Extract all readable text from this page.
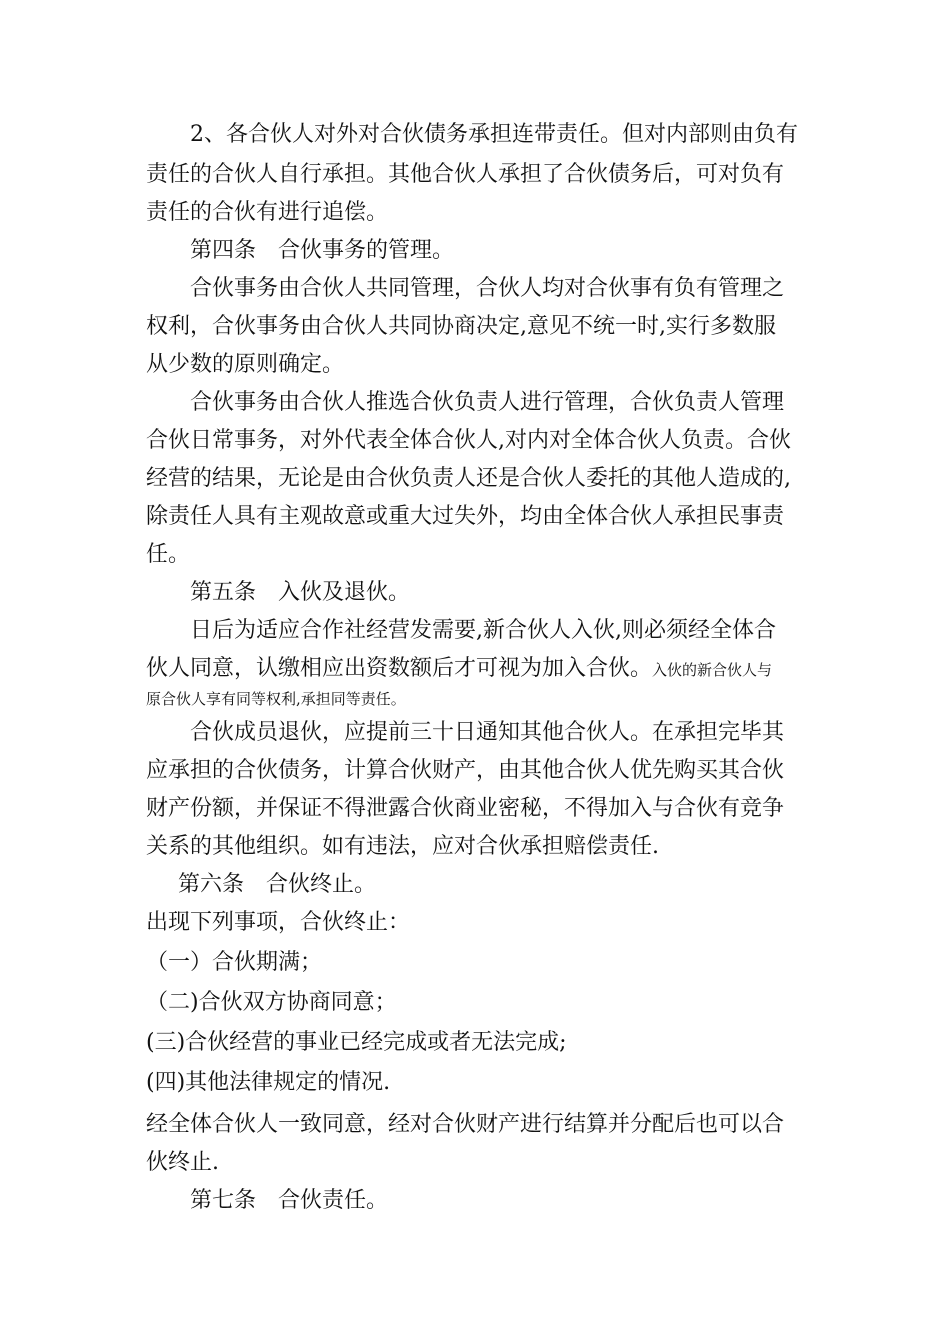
2、各合伙人对外对合伙债务承担连带责任。但对内部则由负有
责任的合伙人自行承担。其他合伙人承担了合伙债务后，可对负有
责任的合伙有进行追偿。
第四条　合伙事务的管理。
合伙事务由合伙人共同管理，合伙人均对合伙事有负有管理之
权利，合伙事务由合伙人共同协商决定,意见不统一时,实行多数服
从少数的原则确定。
合伙事务由合伙人推选合伙负责人进行管理，合伙负责人管理
合伙日常事务，对外代表全体合伙人,对内对全体合伙人负责。合伙
经营的结果，无论是由合伙负责人还是合伙人委托的其他人造成的,
除责任人具有主观故意或重大过失外，均由全体合伙人承担民事责
任。
第五条　入伙及退伙。
日后为适应合作社经营发需要,新合伙人入伙,则必须经全体合
伙人同意，认缴相应出资数额后才可视为加入合伙。入伙的新合伙人与
原合伙人享有同等权利,承担同等责任。
合伙成员退伙，应提前三十日通知其他合伙人。在承担完毕其
应承担的合伙债务，计算合伙财产，由其他合伙人优先购买其合伙
财产份额，并保证不得泄露合伙商业密秘，不得加入与合伙有竞争
关系的其他组织。如有违法，应对合伙承担赔偿责任.
第六条　合伙终止。
出现下列事项，合伙终止：
（一）合伙期满；
（二)合伙双方协商同意；
(三)合伙经营的事业已经完成或者无法完成;
(四)其他法律规定的情况.
经全体合伙人一致同意，经对合伙财产进行结算并分配后也可以合
伙终止.
第七条　合伙责任。
